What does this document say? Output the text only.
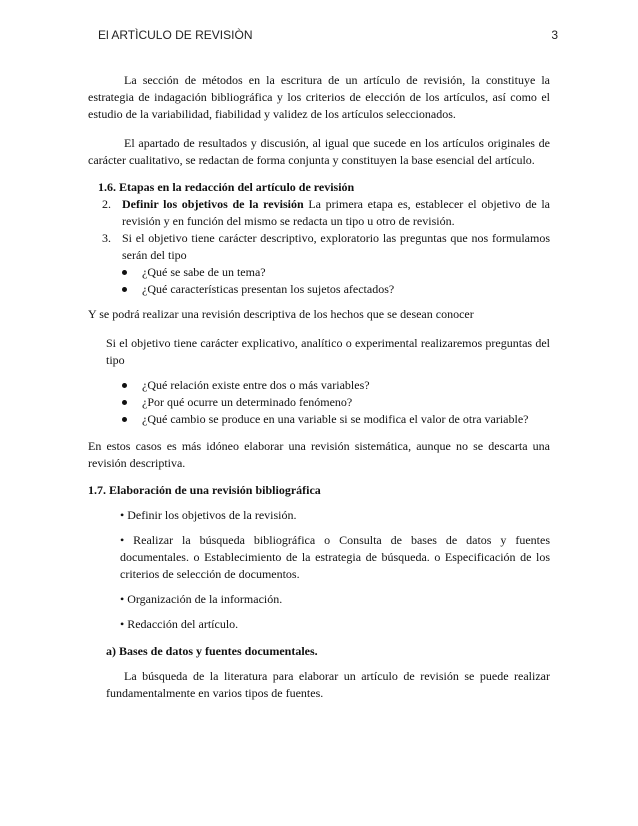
El ARTÌCULO DE REVISIÒN	3

La sección de métodos en la escritura de un artículo de revisión, la constituye la estrategia de indagación bibliográfica y los criterios de elección de los artículos, así como el estudio de la variabilidad, fiabilidad y validez de los artículos seleccionados.

El apartado de resultados y discusión, al igual que sucede en los artículos originales de carácter cualitativo, se redactan de forma conjunta y constituyen la base esencial del artículo.

1.6. Etapas en la redacción del artículo de revisión

2. Definir los objetivos de la revisión La primera etapa es, establecer el objetivo de la revisión y en función del mismo se redacta un tipo u otro de revisión.
3. Si el objetivo tiene carácter descriptivo, exploratorio las preguntas que nos formulamos serán del tipo
¿Qué se sabe de un tema?
¿Qué características presentan los sujetos afectados?

Y se podrá realizar una revisión descriptiva de los hechos que se desean conocer

Si el objetivo tiene carácter explicativo, analítico o experimental realizaremos preguntas del tipo

¿Qué relación existe entre dos o más variables?
¿Por qué ocurre un determinado fenómeno?
¿Qué cambio se produce en una variable si se modifica el valor de otra variable?

En estos casos es más idóneo elaborar una revisión sistemática, aunque no se descarta una revisión descriptiva.

1.7. Elaboración de una revisión bibliográfica

• Definir los objetivos de la revisión.

• Realizar la búsqueda bibliográfica o Consulta de bases de datos y fuentes documentales. o Establecimiento de la estrategia de búsqueda. o Especificación de los criterios de selección de documentos.

• Organización de la información.

• Redacción del artículo.

a) Bases de datos y fuentes documentales.

La búsqueda de la literatura para elaborar un artículo de revisión se puede realizar fundamentalmente en varios tipos de fuentes.
